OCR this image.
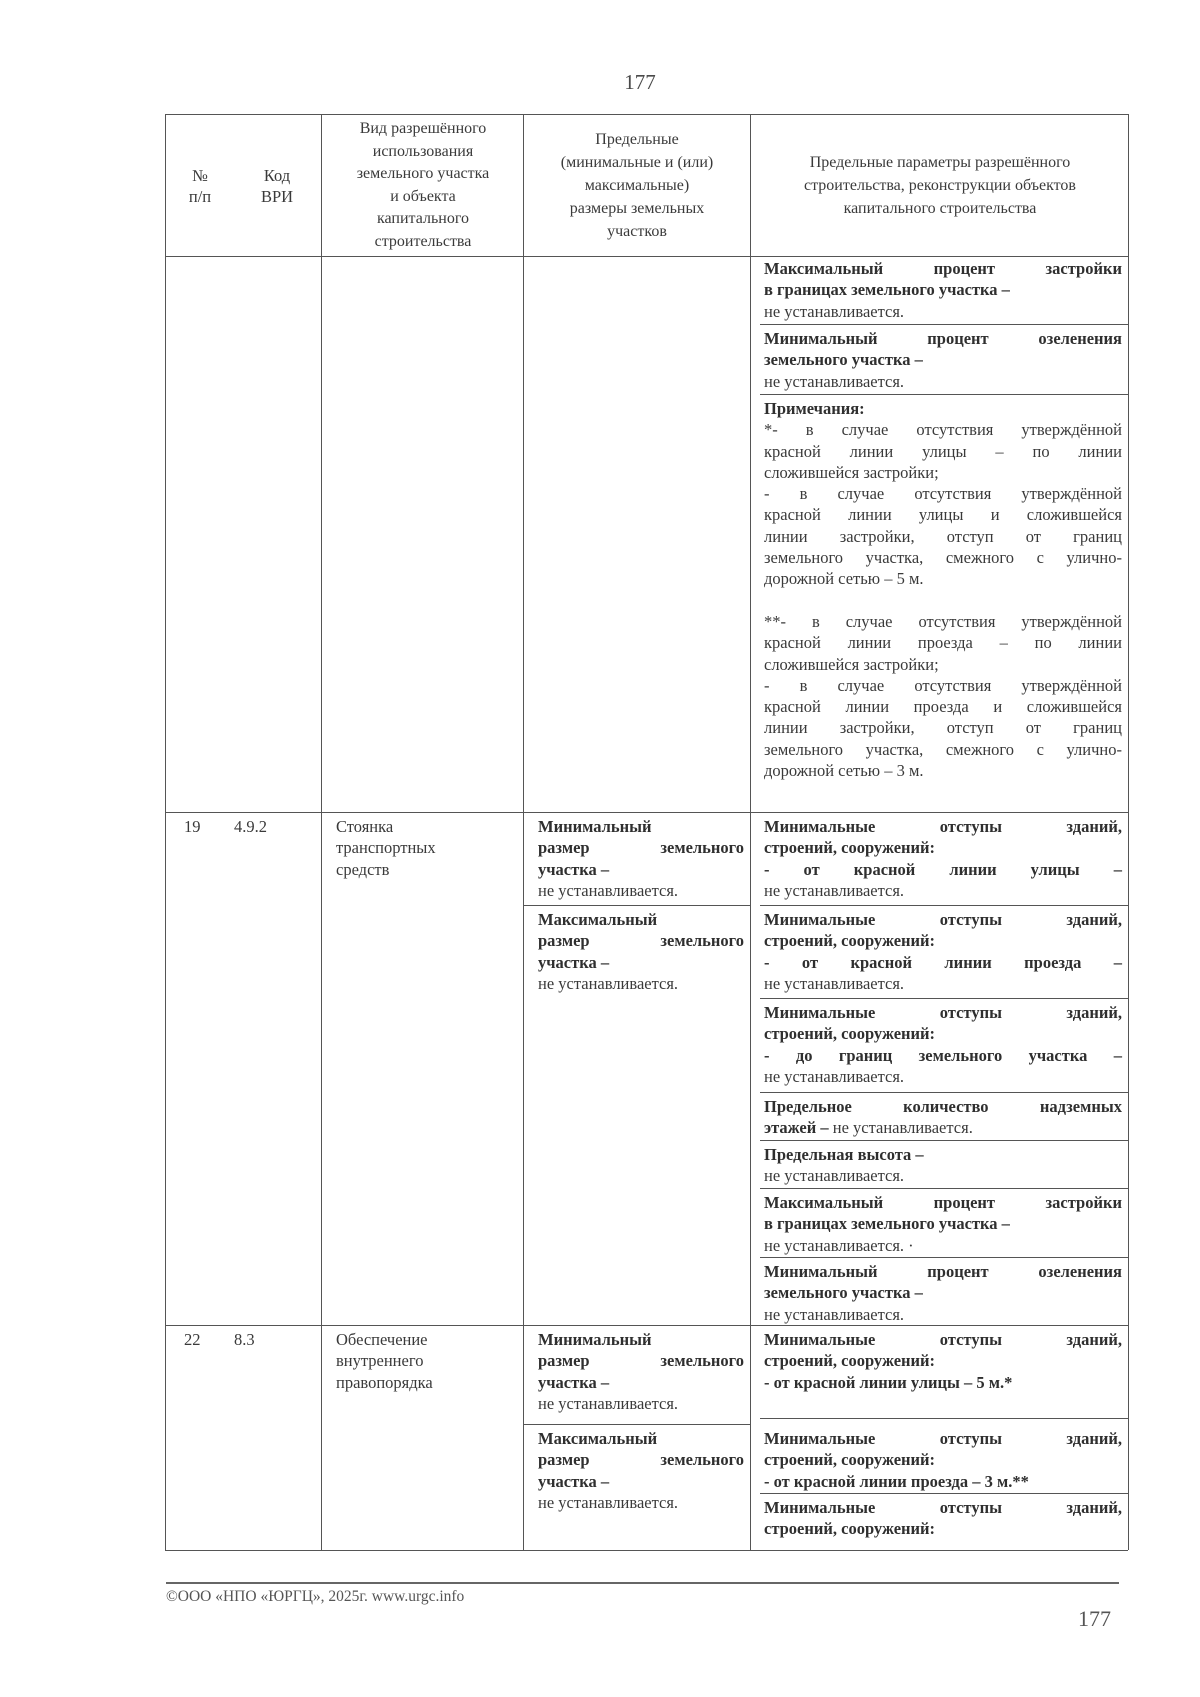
177
№
п/п
Код
ВРИ
Вид разрешённого
использования
земельного участка
и объекта
капитального
строительства
Предельные
(минимальные и (или)
максимальные)
размеры земельных
участков
Предельные параметры разрешённого
строительства, реконструкции объектов
капитального строительства
Максимальный процент застройки
в границах земельного участка –
не устанавливается.
Минимальный процент озеленения
земельного участка –
не устанавливается.
Примечания:
*- в случае отсутствия утверждённой
красной линии улицы – по линии
сложившейся застройки;
- в случае отсутствия утверждённой
красной линии улицы и сложившейся
линии застройки, отступ от границ
земельного участка, смежного с улично-
дорожной сетью – 5 м.
**- в случае отсутствия утверждённой
красной линии проезда – по линии
сложившейся застройки;
- в случае отсутствия утверждённой
красной линии проезда и сложившейся
линии застройки, отступ от границ
земельного участка, смежного с улично-
дорожной сетью – 3 м.
19 4.9.2	Стоянка
транспортных
средств
Минимальный
размер земельного
участка –
не устанавливается.
Максимальный
размер земельного
участка –
не устанавливается.
Минимальные отступы зданий,
строений, сооружений:
- от красной линии улицы –
не устанавливается.
Минимальные отступы зданий,
строений, сооружений:
- от красной линии проезда –
не устанавливается.
Минимальные отступы зданий,
строений, сооружений:
- до границ земельного участка –
не устанавливается.
Предельное количество надземных
этажей – не устанавливается.
Предельная высота –
не устанавливается.
Максимальный процент застройки
в границах земельного участка –
не устанавливается. ·
Минимальный процент озеленения
земельного участка –
не устанавливается.
22 8.3	Обеспечение
внутреннего
правопорядка
Минимальный
размер земельного
участка –
не устанавливается.
Максимальный
размер земельного
участка –
не устанавливается.
Минимальные отступы зданий,
строений, сооружений:
- от красной линии улицы – 5 м.*
Минимальные отступы зданий,
строений, сооружений:
- от красной линии проезда – 3 м.**
Минимальные отступы зданий,
строений, сооружений:
©ООО «НПО «ЮРГЦ», 2025г. www.urgc.info
177
